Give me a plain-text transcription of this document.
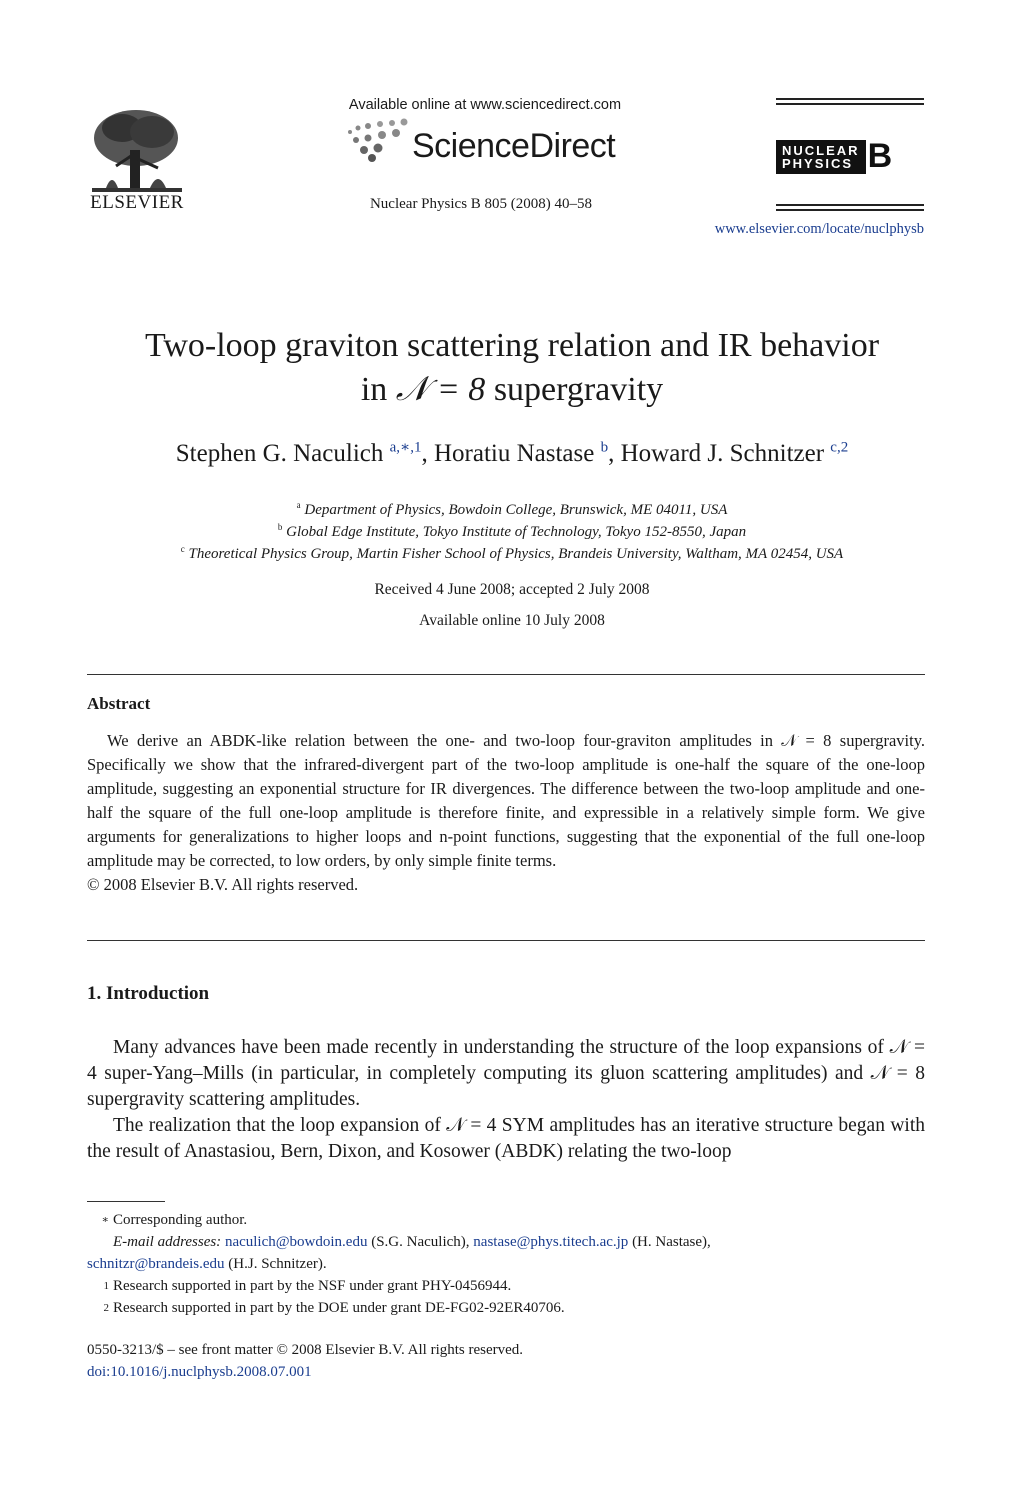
ELSEVIER
Available online at www.sciencedirect.com
ScienceDirect
Nuclear Physics B 805 (2008) 40–58
NUCLEAR
PHYSICS B
www.elsevier.com/locate/nuclphysb
Two-loop graviton scattering relation and IR behavior
in 𝒩 = 8 supergravity
Stephen G. Naculich $^{a,∗,1}$, Horatiu Nastase $^b$, Howard J. Schnitzer $^{c,2}$
$^a$ Department of Physics, Bowdoin College, Brunswick, ME 04011, USA
$^b$ Global Edge Institute, Tokyo Institute of Technology, Tokyo 152-8550, Japan
$^c$ Theoretical Physics Group, Martin Fisher School of Physics, Brandeis University, Waltham, MA 02454, USA
Received 4 June 2008; accepted 2 July 2008
Available online 10 July 2008
Abstract

We derive an ABDK-like relation between the one- and two-loop four-graviton amplitudes in 𝒩 = 8 supergravity. Specifically we show that the infrared-divergent part of the two-loop amplitude is one-half the square of the one-loop amplitude, suggesting an exponential structure for IR divergences. The difference between the two-loop amplitude and one-half the square of the full one-loop amplitude is therefore finite, and expressible in a relatively simple form. We give arguments for generalizations to higher loops and n-point functions, suggesting that the exponential of the full one-loop amplitude may be corrected, to low orders, by only simple finite terms.

© 2008 Elsevier B.V. All rights reserved.
1. Introduction

Many advances have been made recently in understanding the structure of the loop expansions of 𝒩 = 4 super-Yang–Mills (in particular, in completely computing its gluon scattering amplitudes) and 𝒩 = 8 supergravity scattering amplitudes.

The realization that the loop expansion of 𝒩 = 4 SYM amplitudes has an iterative structure began with the result of Anastasiou, Bern, Dixon, and Kosower (ABDK) relating the two-loop

∗ Corresponding author.
E-mail addresses: naculich@bowdoin.edu (S.G. Naculich), nastase@phys.titech.ac.jp (H. Nastase),
schnitzr@brandeis.edu (H.J. Schnitzer).
1 Research supported in part by the NSF under grant PHY-0456944.
2 Research supported in part by the DOE under grant DE-FG02-92ER40706.
0550-3213/$ – see front matter © 2008 Elsevier B.V. All rights reserved.
doi:10.1016/j.nuclphysb.2008.07.001
